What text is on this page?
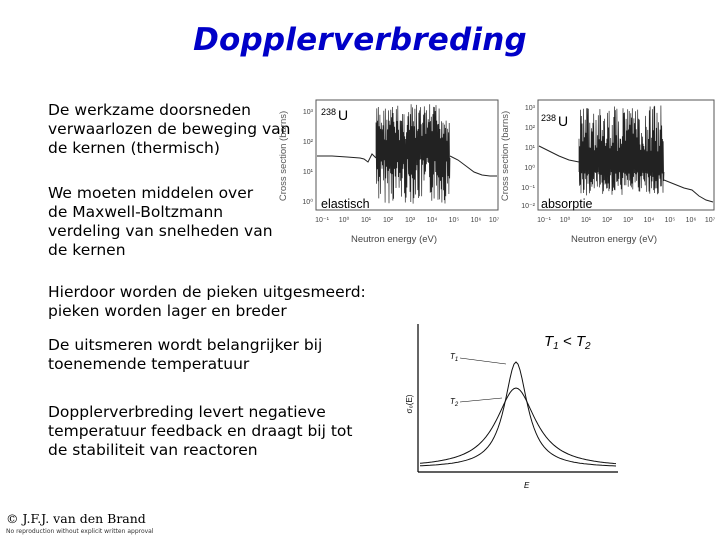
Dopplerverbreding
De werkzame doorsneden
verwaarlozen de beweging van
de kernen (thermisch)
We moeten middelen over
de Maxwell-Boltzmann
verdeling van snelheden van
de kernen
Hierdoor worden de pieken uitgesmeerd:
pieken worden lager en breder
De uitsmeren wordt belangrijker bij
toenemende temperatuur
Dopplerverbreding levert negatieve
temperatuur feedback en draagt bij tot
de stabiliteit van reactoren
© J.F.J. van den Brand
No reproduction without explicit written approval
Cross section (barns) 10³
10²
10¹
10⁰
10⁻¹ 10⁰ 10¹ 10² 10³ 10⁴ 10⁵ 10⁶ 10⁷
Neutron energy (eV)
$^{238}$ U
elastisch
Cross section (barns)
10³
10²
10¹
10⁰
10⁻¹
10⁻²
10⁻¹ 10⁰ 10¹ 10² 10³ 10⁴ 10⁵ 10⁶ 10⁷
Neutron energy (eV)
$^{238}$ U
absorptie
σ₀(E)
E
$T_1 < T_2$
$T_1$
$T_2$
